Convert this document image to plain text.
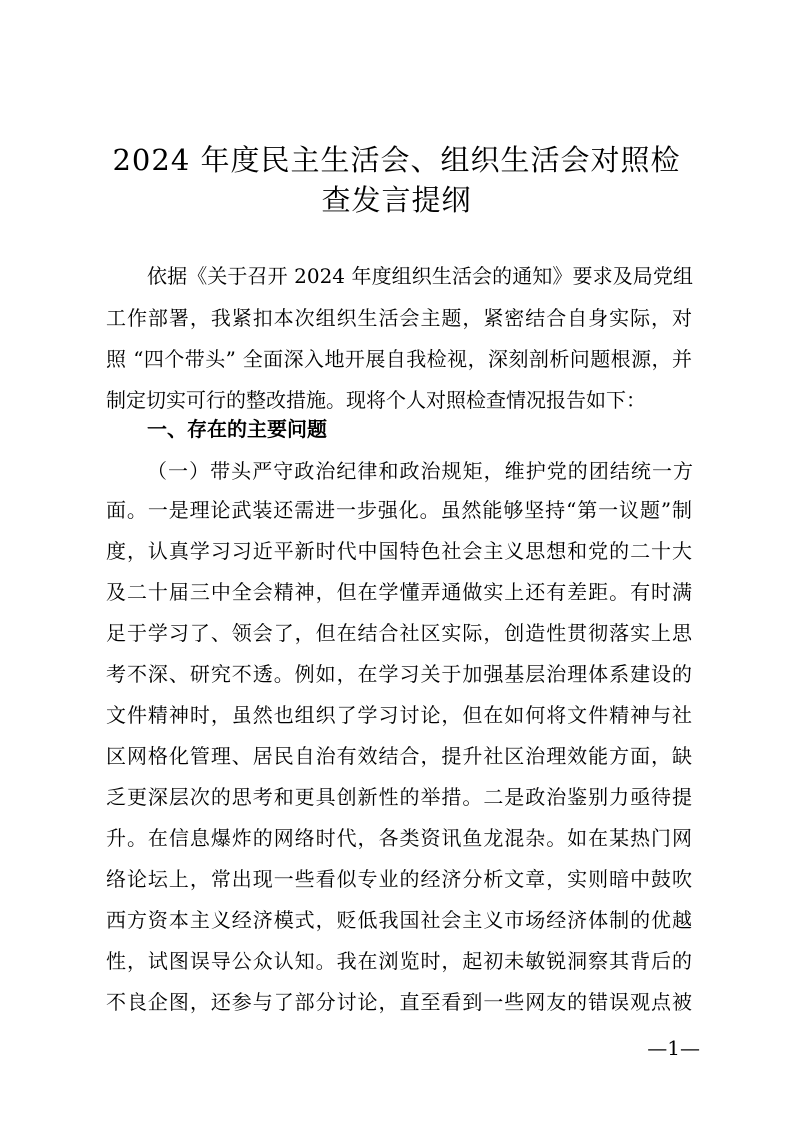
2024 年度民主生活会、组织生活会对照检
查发言提纲

依据《关于召开 2024 年度组织生活会的通知》要求及局党组

工作部署，我紧扣本次组织生活会主题，紧密结合自身实际，对

照 “四个带头” 全面深入地开展自我检视，深刻剖析问题根源，并

制定切实可行的整改措施。现将个人对照检查情况报告如下：

一、存在的主要问题

（一）带头严守政治纪律和政治规矩，维护党的团结统一方

面。一是理论武装还需进一步强化。虽然能够坚持“第一议题”制

度，认真学习习近平新时代中国特色社会主义思想和党的二十大

及二十届三中全会精神，但在学懂弄通做实上还有差距。有时满

足于学习了、领会了，但在结合社区实际，创造性贯彻落实上思

考不深、研究不透。例如，在学习关于加强基层治理体系建设的

文件精神时，虽然也组织了学习讨论，但在如何将文件精神与社

区网格化管理、居民自治有效结合，提升社区治理效能方面，缺

乏更深层次的思考和更具创新性的举措。二是政治鉴别力亟待提

升。在信息爆炸的网络时代，各类资讯鱼龙混杂。如在某热门网

络论坛上，常出现一些看似专业的经济分析文章，实则暗中鼓吹

西方资本主义经济模式，贬低我国社会主义市场经济体制的优越

性，试图误导公众认知。我在浏览时，起初未敏锐洞察其背后的

不良企图，还参与了部分讨论，直至看到一些网友的错误观点被

—1—
